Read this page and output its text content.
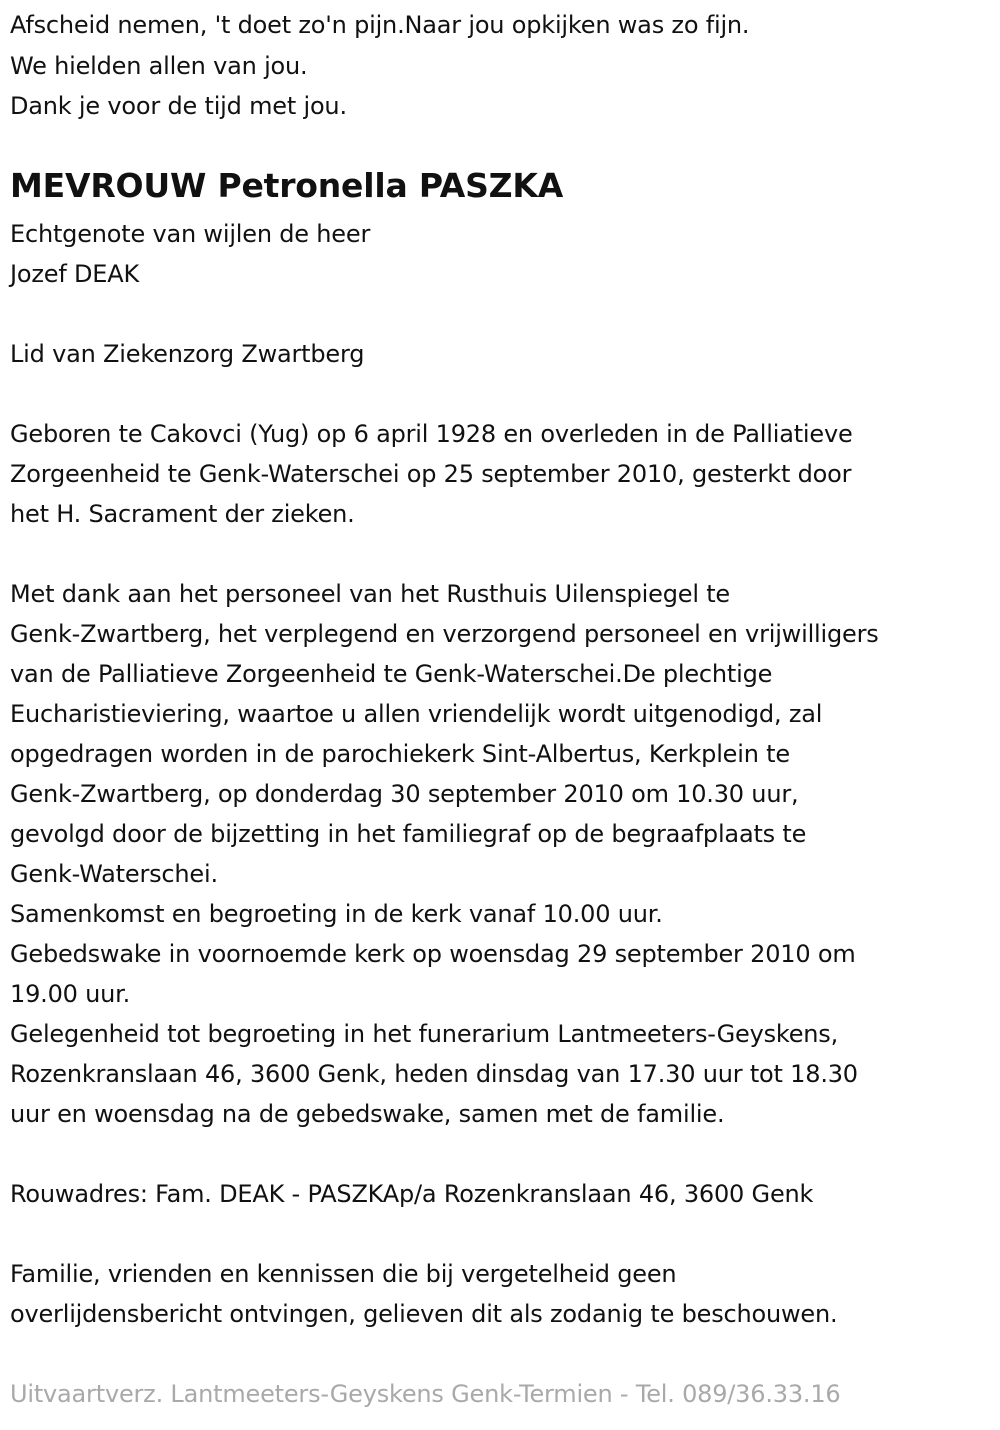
Afscheid nemen, 't doet zo'n pijn.Naar jou opkijken was zo fijn.
We hielden allen van jou.
Dank je voor de tijd met jou.
MEVROUW Petronella PASZKA
Echtgenote van wijlen de heer
Jozef DEAK
Lid van Ziekenzorg Zwartberg
Geboren te Cakovci (Yug) op 6 april 1928 en overleden in de Palliatieve
Zorgeenheid te Genk-Waterschei op 25 september 2010, gesterkt door
het H. Sacrament der zieken.
Met dank aan het personeel van het Rusthuis Uilenspiegel te
Genk-Zwartberg, het verplegend en verzorgend personeel en vrijwilligers
van de Palliatieve Zorgeenheid te Genk-Waterschei.De plechtige
Eucharistieviering, waartoe u allen vriendelijk wordt uitgenodigd, zal
opgedragen worden in de parochiekerk Sint-Albertus, Kerkplein te
Genk-Zwartberg, op donderdag 30 september 2010 om 10.30 uur,
gevolgd door de bijzetting in het familiegraf op de begraafplaats te
Genk-Waterschei.
Samenkomst en begroeting in de kerk vanaf 10.00 uur.
Gebedswake in voornoemde kerk op woensdag 29 september 2010 om
19.00 uur.
Gelegenheid tot begroeting in het funerarium Lantmeeters-Geyskens,
Rozenkranslaan 46, 3600 Genk, heden dinsdag van 17.30 uur tot 18.30
uur en woensdag na de gebedswake, samen met de familie.
Rouwadres: Fam. DEAK - PASZKAp/a Rozenkranslaan 46, 3600 Genk
Familie, vrienden en kennissen die bij vergetelheid geen
overlijdensbericht ontvingen, gelieven dit als zodanig te beschouwen.
Uitvaartverz. Lantmeeters-Geyskens Genk-Termien - Tel. 089/36.33.16
